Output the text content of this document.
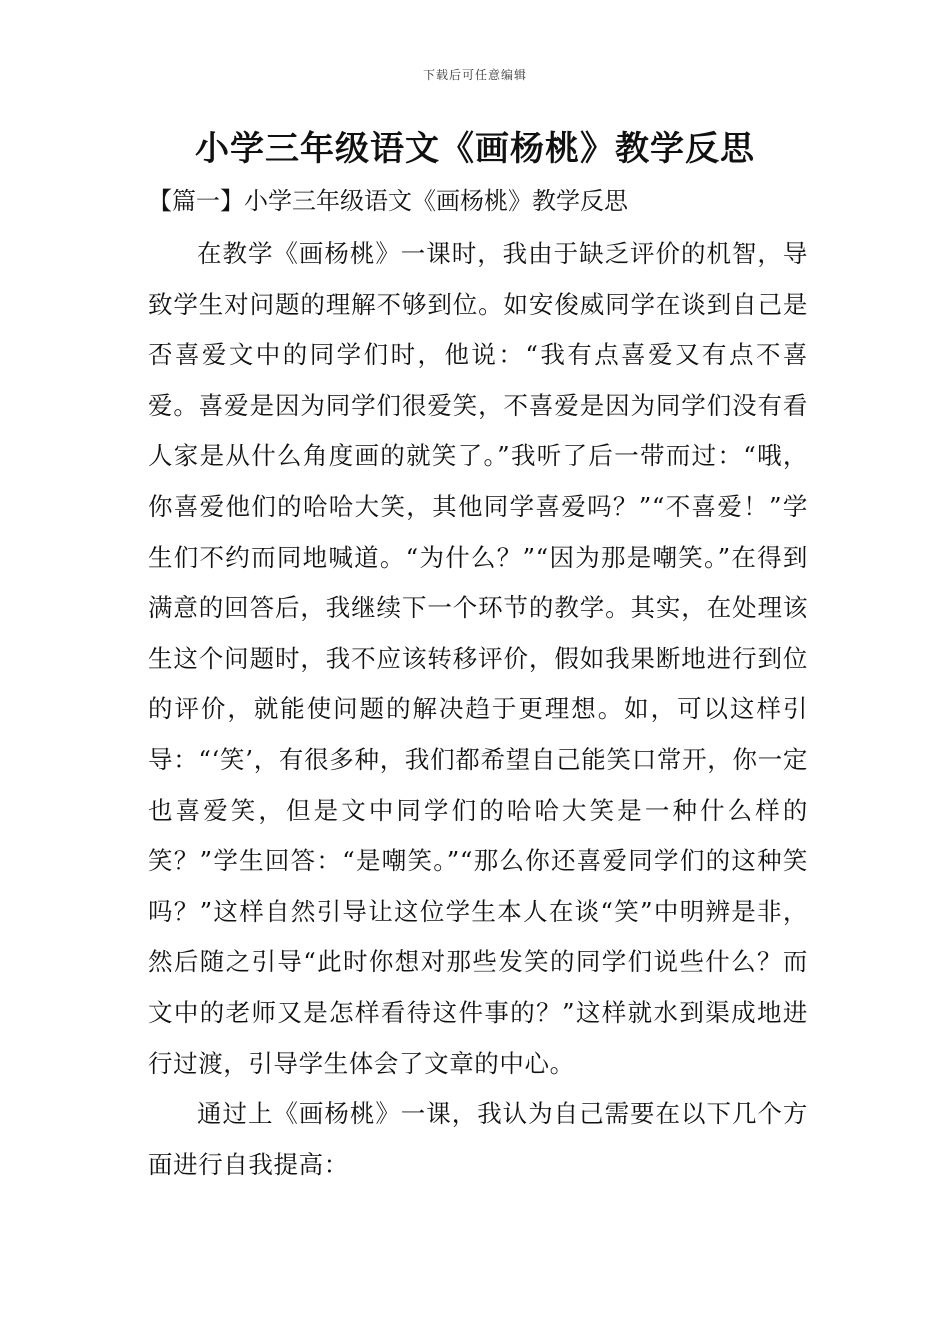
下载后可任意编辑
小学三年级语文《画杨桃》教学反思

【篇一】小学三年级语文《画杨桃》教学反思

在教学《画杨桃》一课时，我由于缺乏评价的机智，导致学生对问题的理解不够到位。如安俊威同学在谈到自己是否喜爱文中的同学们时，他说：“我有点喜爱又有点不喜爱。喜爱是因为同学们很爱笑，不喜爱是因为同学们没有看人家是从什么角度画的就笑了。”我听了后一带而过：“哦，你喜爱他们的哈哈大笑，其他同学喜爱吗？”“不喜爱！”学生们不约而同地喊道。“为什么？”“因为那是嘲笑。”在得到满意的回答后，我继续下一个环节的教学。其实，在处理该生这个问题时，我不应该转移评价，假如我果断地进行到位的评价，就能使问题的解决趋于更理想。如，可以这样引导：“‘笑’，有很多种，我们都希望自己能笑口常开，你一定也喜爱笑，但是文中同学们的哈哈大笑是一种什么样的笑？”学生回答：“是嘲笑。”“那么你还喜爱同学们的这种笑吗？”这样自然引导让这位学生本人在谈“笑”中明辨是非，然后随之引导“此时你想对那些发笑的同学们说些什么？而文中的老师又是怎样看待这件事的？”这样就水到渠成地进行过渡，引导学生体会了文章的中心。

通过上《画杨桃》一课，我认为自己需要在以下几个方面进行自我提高：
